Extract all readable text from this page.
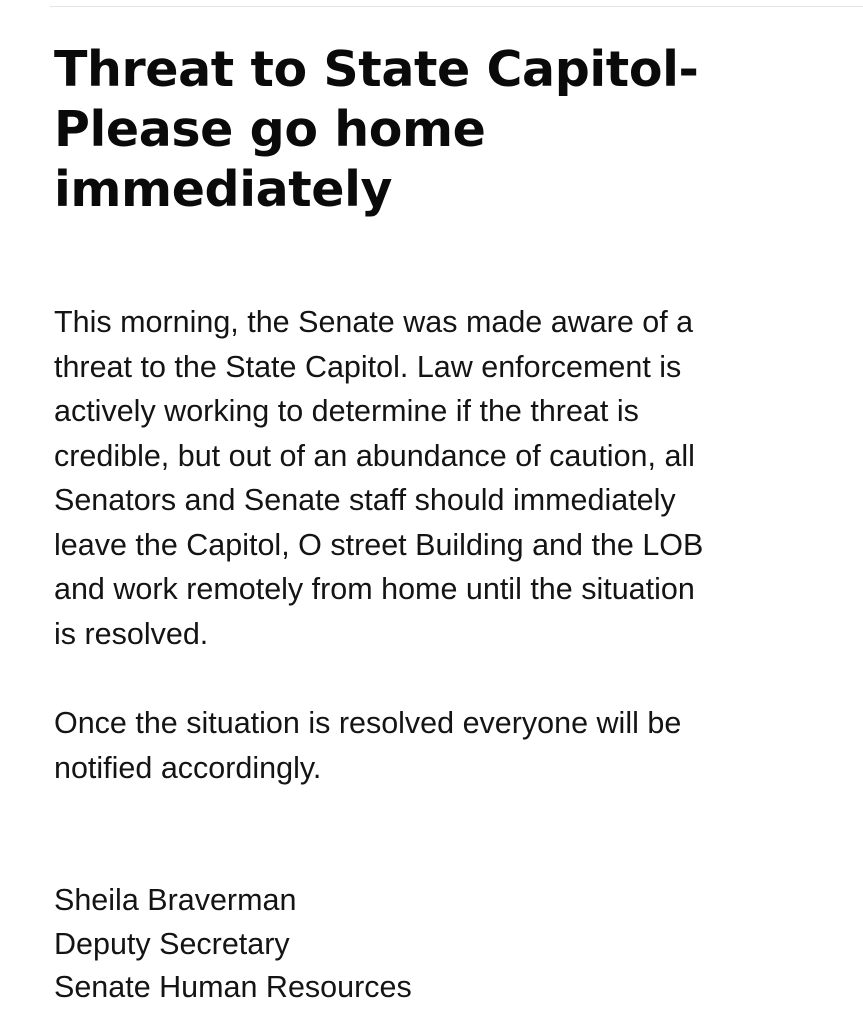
Threat to State Capitol-
Please go home
immediately
This morning, the Senate was made aware of a
threat to the State Capitol. Law enforcement is
actively working to determine if the threat is
credible, but out of an abundance of caution, all
Senators and Senate staff should immediately
leave the Capitol, O street Building and the LOB
and work remotely from home until the situation
is resolved.
Once the situation is resolved everyone will be
notified accordingly.
Sheila Braverman
Deputy Secretary
Senate Human Resources
